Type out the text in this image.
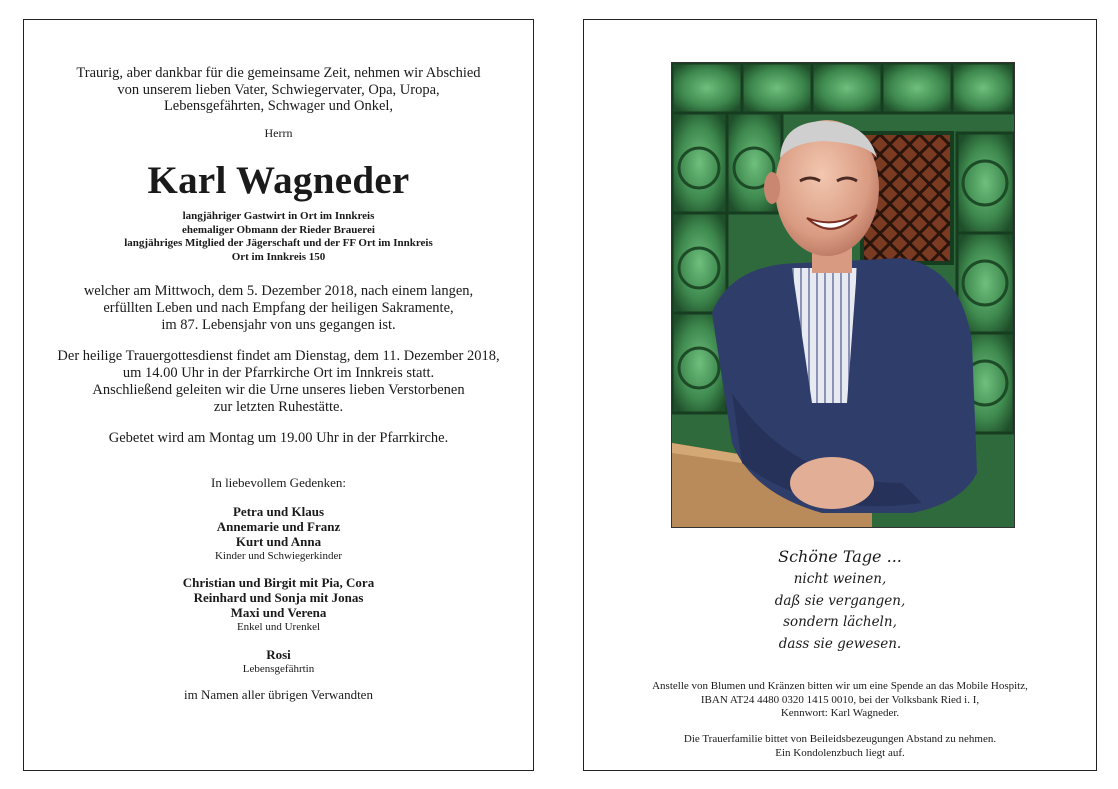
Traurig, aber dankbar für die gemeinsame Zeit, nehmen wir Abschied
von unserem lieben Vater, Schwiegervater, Opa, Uropa,
Lebensgefährten, Schwager und Onkel,
Herrn
Karl Wagneder
langjähriger Gastwirt in Ort im Innkreis
ehemaliger Obmann der Rieder Brauerei
langjähriges Mitglied der Jägerschaft und der FF Ort im Innkreis
Ort im Innkreis 150
welcher am Mittwoch, dem 5. Dezember 2018, nach einem langen,
erfüllten Leben und nach Empfang der heiligen Sakramente,
im 87. Lebensjahr von uns gegangen ist.
Der heilige Trauergottesdienst findet am Dienstag, dem 11. Dezember 2018,
um 14.00 Uhr in der Pfarrkirche Ort im Innkreis statt.
Anschließend geleiten wir die Urne unseres lieben Verstorbenen
zur letzten Ruhestätte.
Gebetet wird am Montag um 19.00 Uhr in der Pfarrkirche.
In liebevollem Gedenken:
Petra und Klaus
Annemarie und Franz
Kurt und Anna
Kinder und Schwiegerkinder
Christian und Birgit mit Pia, Cora
Reinhard und Sonja mit Jonas
Maxi und Verena
Enkel und Urenkel
Rosi
Lebensgefährtin
im Namen aller übrigen Verwandten
Schöne Tage ...
nicht weinen,
daß sie vergangen,
sondern lächeln,
dass sie gewesen.
Anstelle von Blumen und Kränzen bitten wir um eine Spende an das Mobile Hospitz,
IBAN AT24 4480 0320 1415 0010, bei der Volksbank Ried i. I,
Kennwort: Karl Wagneder.
Die Trauerfamilie bittet von Beileidsbezeugungen Abstand zu nehmen.
Ein Kondolenzbuch liegt auf.
